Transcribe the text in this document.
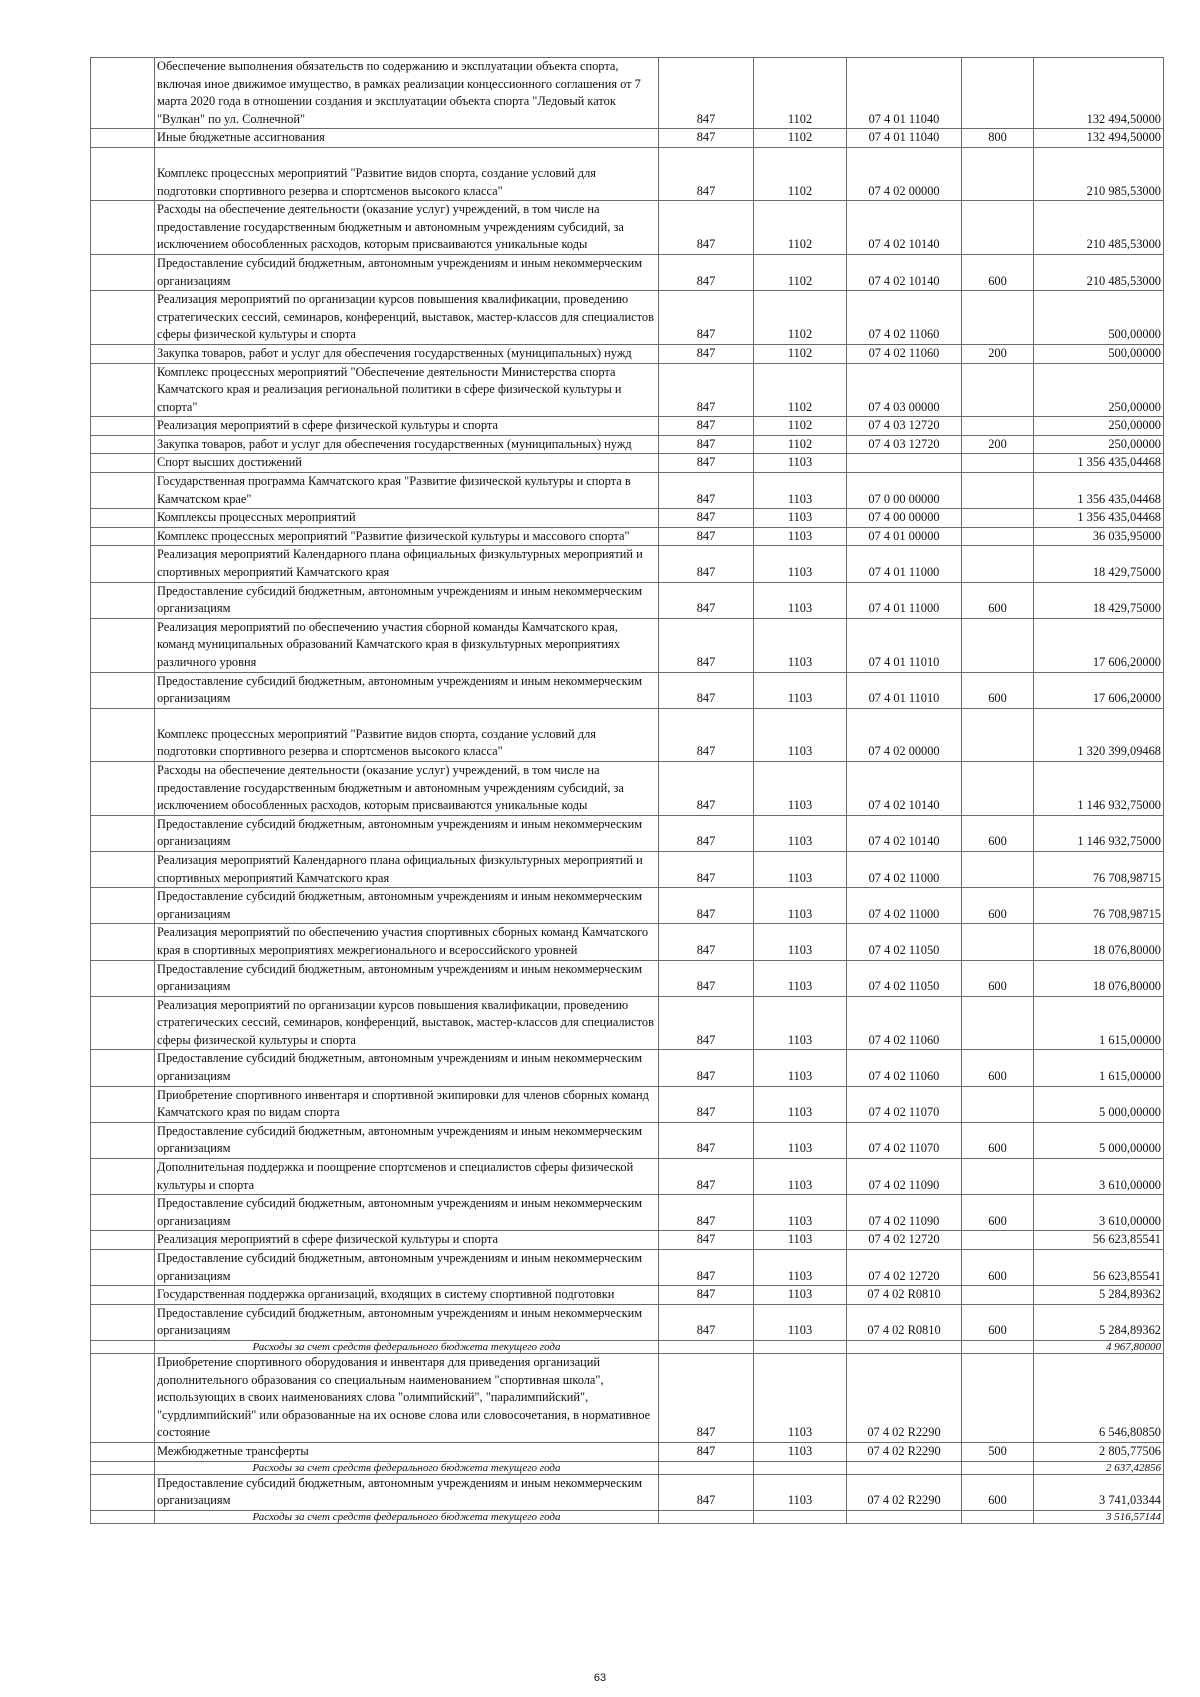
	Обеспечение выполнения обязательств по содержанию и эксплуатации объекта спорта, включая иное движимое имущество, в рамках реализации концессионного соглашения от 7 марта 2020 года в отношении создания и эксплуатации объекта спорта "Ледовый каток "Вулкан" по ул. Солнечной"	847	1102	07 4 01 11040		132 494,50000
	Иные бюджетные ассигнования	847	1102	07 4 01 11040	800	132 494,50000
	Комплекс процессных мероприятий "Развитие видов спорта, создание условий для подготовки спортивного резерва и спортсменов высокого класса"	847	1102	07 4 02 00000		210 985,53000
	Расходы на обеспечение деятельности (оказание услуг) учреждений, в том числе на предоставление государственным бюджетным и автономным учреждениям субсидий, за исключением обособленных расходов, которым присваиваются уникальные коды	847	1102	07 4 02 10140		210 485,53000
	Предоставление субсидий бюджетным, автономным учреждениям и иным некоммерческим организациям	847	1102	07 4 02 10140	600	210 485,53000
	Реализация мероприятий по организации курсов повышения квалификации, проведению стратегических сессий, семинаров, конференций, выставок, мастер-классов для специалистов сферы физической культуры и спорта	847	1102	07 4 02 11060		500,00000
	Закупка товаров, работ и услуг для обеспечения государственных (муниципальных) нужд	847	1102	07 4 02 11060	200	500,00000
	Комплекс процессных мероприятий "Обеспечение деятельности Министерства спорта Камчатского края и реализация региональной политики в сфере физической культуры и спорта"	847	1102	07 4 03 00000		250,00000
	Реализация мероприятий в сфере физической культуры и спорта	847	1102	07 4 03 12720		250,00000
	Закупка товаров, работ и услуг для обеспечения государственных (муниципальных) нужд	847	1102	07 4 03 12720	200	250,00000
	Спорт высших достижений	847	1103			1 356 435,04468
	Государственная программа Камчатского края "Развитие физической культуры и спорта в Камчатском крае"	847	1103	07 0 00 00000		1 356 435,04468
	Комплексы процессных мероприятий	847	1103	07 4 00 00000		1 356 435,04468
	Комплекс процессных мероприятий "Развитие физической культуры и массового спорта"	847	1103	07 4 01 00000		36 035,95000
	Реализация мероприятий Календарного плана официальных физкультурных мероприятий и спортивных мероприятий Камчатского края	847	1103	07 4 01 11000		18 429,75000
	Предоставление субсидий бюджетным, автономным учреждениям и иным некоммерческим организациям	847	1103	07 4 01 11000	600	18 429,75000
	Реализация мероприятий по обеспечению участия сборной команды Камчатского края, команд муниципальных образований Камчатского края в физкультурных мероприятиях различного уровня	847	1103	07 4 01 11010		17 606,20000
	Предоставление субсидий бюджетным, автономным учреждениям и иным некоммерческим организациям	847	1103	07 4 01 11010	600	17 606,20000
	Комплекс процессных мероприятий "Развитие видов спорта, создание условий для подготовки спортивного резерва и спортсменов высокого класса"	847	1103	07 4 02 00000		1 320 399,09468
	Расходы на обеспечение деятельности (оказание услуг) учреждений, в том числе на предоставление государственным бюджетным и автономным учреждениям субсидий, за исключением обособленных расходов, которым присваиваются уникальные коды	847	1103	07 4 02 10140		1 146 932,75000
	Предоставление субсидий бюджетным, автономным учреждениям и иным некоммерческим организациям	847	1103	07 4 02 10140	600	1 146 932,75000
	Реализация мероприятий Календарного плана официальных физкультурных мероприятий и спортивных мероприятий Камчатского края	847	1103	07 4 02 11000		76 708,98715
	Предоставление субсидий бюджетным, автономным учреждениям и иным некоммерческим организациям	847	1103	07 4 02 11000	600	76 708,98715
	Реализация мероприятий по обеспечению участия спортивных сборных команд Камчатского края в спортивных мероприятиях межрегионального и всероссийского уровней	847	1103	07 4 02 11050		18 076,80000
	Предоставление субсидий бюджетным, автономным учреждениям и иным некоммерческим организациям	847	1103	07 4 02 11050	600	18 076,80000
	Реализация мероприятий по организации курсов повышения квалификации, проведению стратегических сессий, семинаров, конференций, выставок, мастер-классов для специалистов сферы физической культуры и спорта	847	1103	07 4 02 11060		1 615,00000
	Предоставление субсидий бюджетным, автономным учреждениям и иным некоммерческим организациям	847	1103	07 4 02 11060	600	1 615,00000
	Приобретение спортивного инвентаря и спортивной экипировки для членов сборных команд Камчатского края по видам спорта	847	1103	07 4 02 11070		5 000,00000
	Предоставление субсидий бюджетным, автономным учреждениям и иным некоммерческим организациям	847	1103	07 4 02 11070	600	5 000,00000
	Дополнительная поддержка и поощрение спортсменов и специалистов сферы физической культуры и спорта	847	1103	07 4 02 11090		3 610,00000
	Предоставление субсидий бюджетным, автономным учреждениям и иным некоммерческим организациям	847	1103	07 4 02 11090	600	3 610,00000
	Реализация мероприятий в сфере физической культуры и спорта	847	1103	07 4 02 12720		56 623,85541
	Предоставление субсидий бюджетным, автономным учреждениям и иным некоммерческим организациям	847	1103	07 4 02 12720	600	56 623,85541
	Государственная поддержка организаций, входящих в систему спортивной подготовки	847	1103	07 4 02 R0810		5 284,89362
	Предоставление субсидий бюджетным, автономным учреждениям и иным некоммерческим организациям	847	1103	07 4 02 R0810	600	5 284,89362
	Расходы за счет средств федерального бюджета текущего года					4 967,80000
	Приобретение спортивного оборудования и инвентаря для приведения организаций дополнительного образования со специальным наименованием "спортивная школа", использующих в своих наименованиях слова "олимпийский", "паралимпийский", "сурдлимпийский" или образованные на их основе слова или словосочетания, в нормативное состояние	847	1103	07 4 02 R2290		6 546,80850
	Межбюджетные трансферты	847	1103	07 4 02 R2290	500	2 805,77506
	Расходы за счет средств федерального бюджета текущего года					2 637,42856
	Предоставление субсидий бюджетным, автономным учреждениям и иным некоммерческим организациям	847	1103	07 4 02 R2290	600	3 741,03344
	Расходы за счет средств федерального бюджета текущего года					3 516,57144
63
